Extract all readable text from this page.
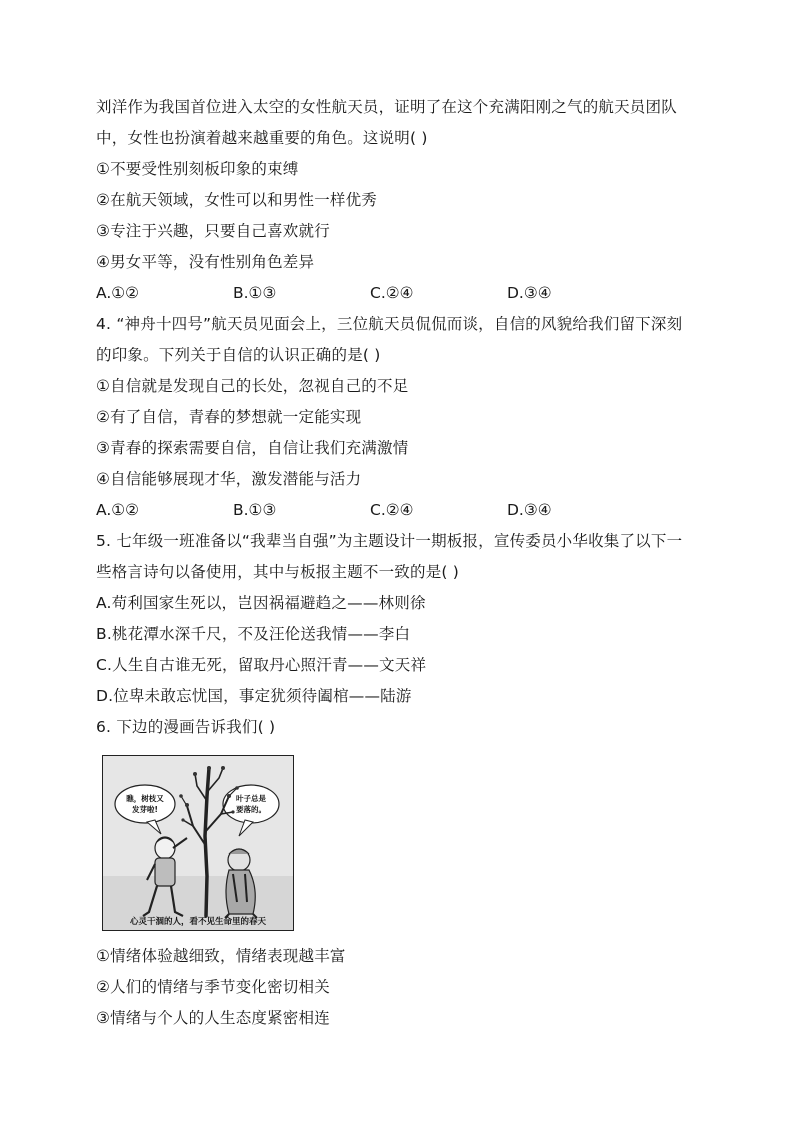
刘洋作为我国首位进入太空的女性航天员，证明了在这个充满阳刚之气的航天员团队
中，女性也扮演着越来越重要的角色。这说明( )
①不要受性别刻板印象的束缚
②在航天领域，女性可以和男性一样优秀
③专注于兴趣，只要自己喜欢就行
④男女平等，没有性别角色差异
A.①②	B.①③	C.②④	D.③④
4. “神舟十四号”航天员见面会上，三位航天员侃侃而谈，自信的风貌给我们留下深刻
的印象。下列关于自信的认识正确的是( )
①自信就是发现自己的长处，忽视自己的不足
②有了自信，青春的梦想就一定能实现
③青春的探索需要自信，自信让我们充满激情
④自信能够展现才华，激发潜能与活力
A.①②	B.①③	C.②④	D.③④
5. 七年级一班准备以“我辈当自强”为主题设计一期板报，宣传委员小华收集了以下一
些格言诗句以备使用，其中与板报主题不一致的是( )
A.苟利国家生死以，岂因祸福避趋之——林则徐
B.桃花潭水深千尺，不及汪伦送我情——李白
C.人生自古谁无死，留取丹心照汗青——文天祥
D.位卑未敢忘忧国，事定犹须待阖棺——陆游
6. 下边的漫画告诉我们( )
瞧，树枝又
发芽啦!
叶子总是
要落的。
心灵干涸的人，看不见生命里的春天
①情绪体验越细致，情绪表现越丰富
②人们的情绪与季节变化密切相关
③情绪与个人的人生态度紧密相连
